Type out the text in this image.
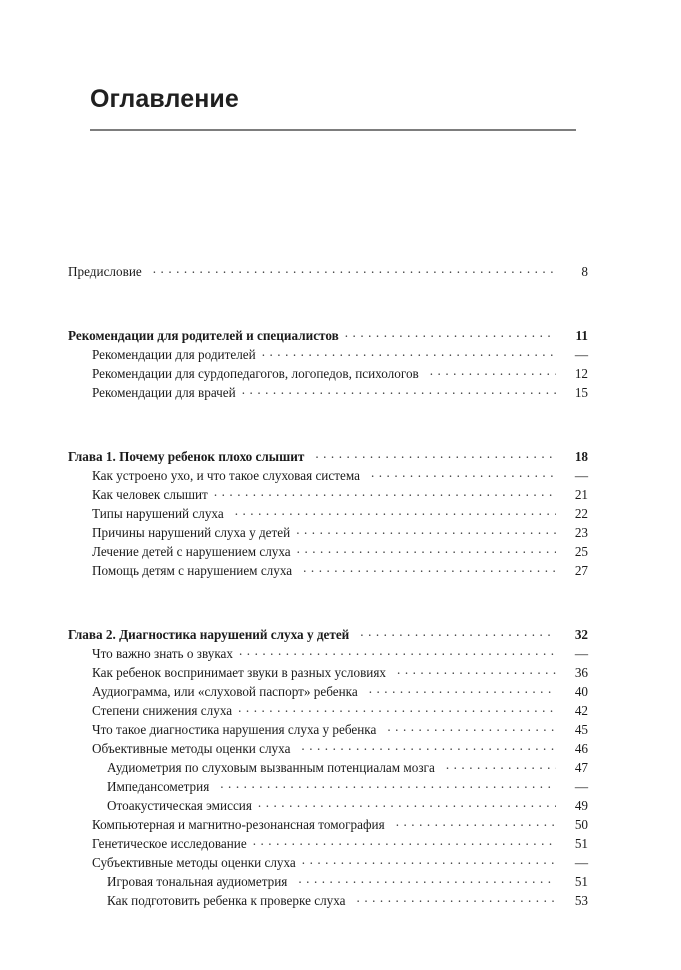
Оглавление
Предисловие . . .	8
Рекомендации для родителей и специалистов . . .	11
Рекомендации для родителей . . .	—
Рекомендации для сурдопедагогов, логопедов, психологов . . .	12
Рекомендации для врачей . . .	15
Глава 1. Почему ребенок плохо слышит . . .	18
Как устроено ухо, и что такое слуховая система . . .	—
Как человек слышит . . .	21
Типы нарушений слуха . . .	22
Причины нарушений слуха у детей . . .	23
Лечение детей с нарушением слуха . . .	25
Помощь детям с нарушением слуха . . .	27
Глава 2. Диагностика нарушений слуха у детей . . .	32
Что важно знать о звуках . . .	—
Как ребенок воспринимает звуки в разных условиях . . .	36
Аудиограмма, или «слуховой паспорт» ребенка . . .	40
Степени снижения слуха . . .	42
Что такое диагностика нарушения слуха у ребенка . . .	45
Объективные методы оценки слуха . . .	46
Аудиометрия по слуховым вызванным потенциалам мозга . . .	47
Импедансометрия . . .	—
Отоакустическая эмиссия . . .	49
Компьютерная и магнитно-резонансная томография . . .	50
Генетическое исследование . . .	51
Субъективные методы оценки слуха . . .	—
Игровая тональная аудиометрия . . .	51
Как подготовить ребенка к проверке слуха . . .	53
